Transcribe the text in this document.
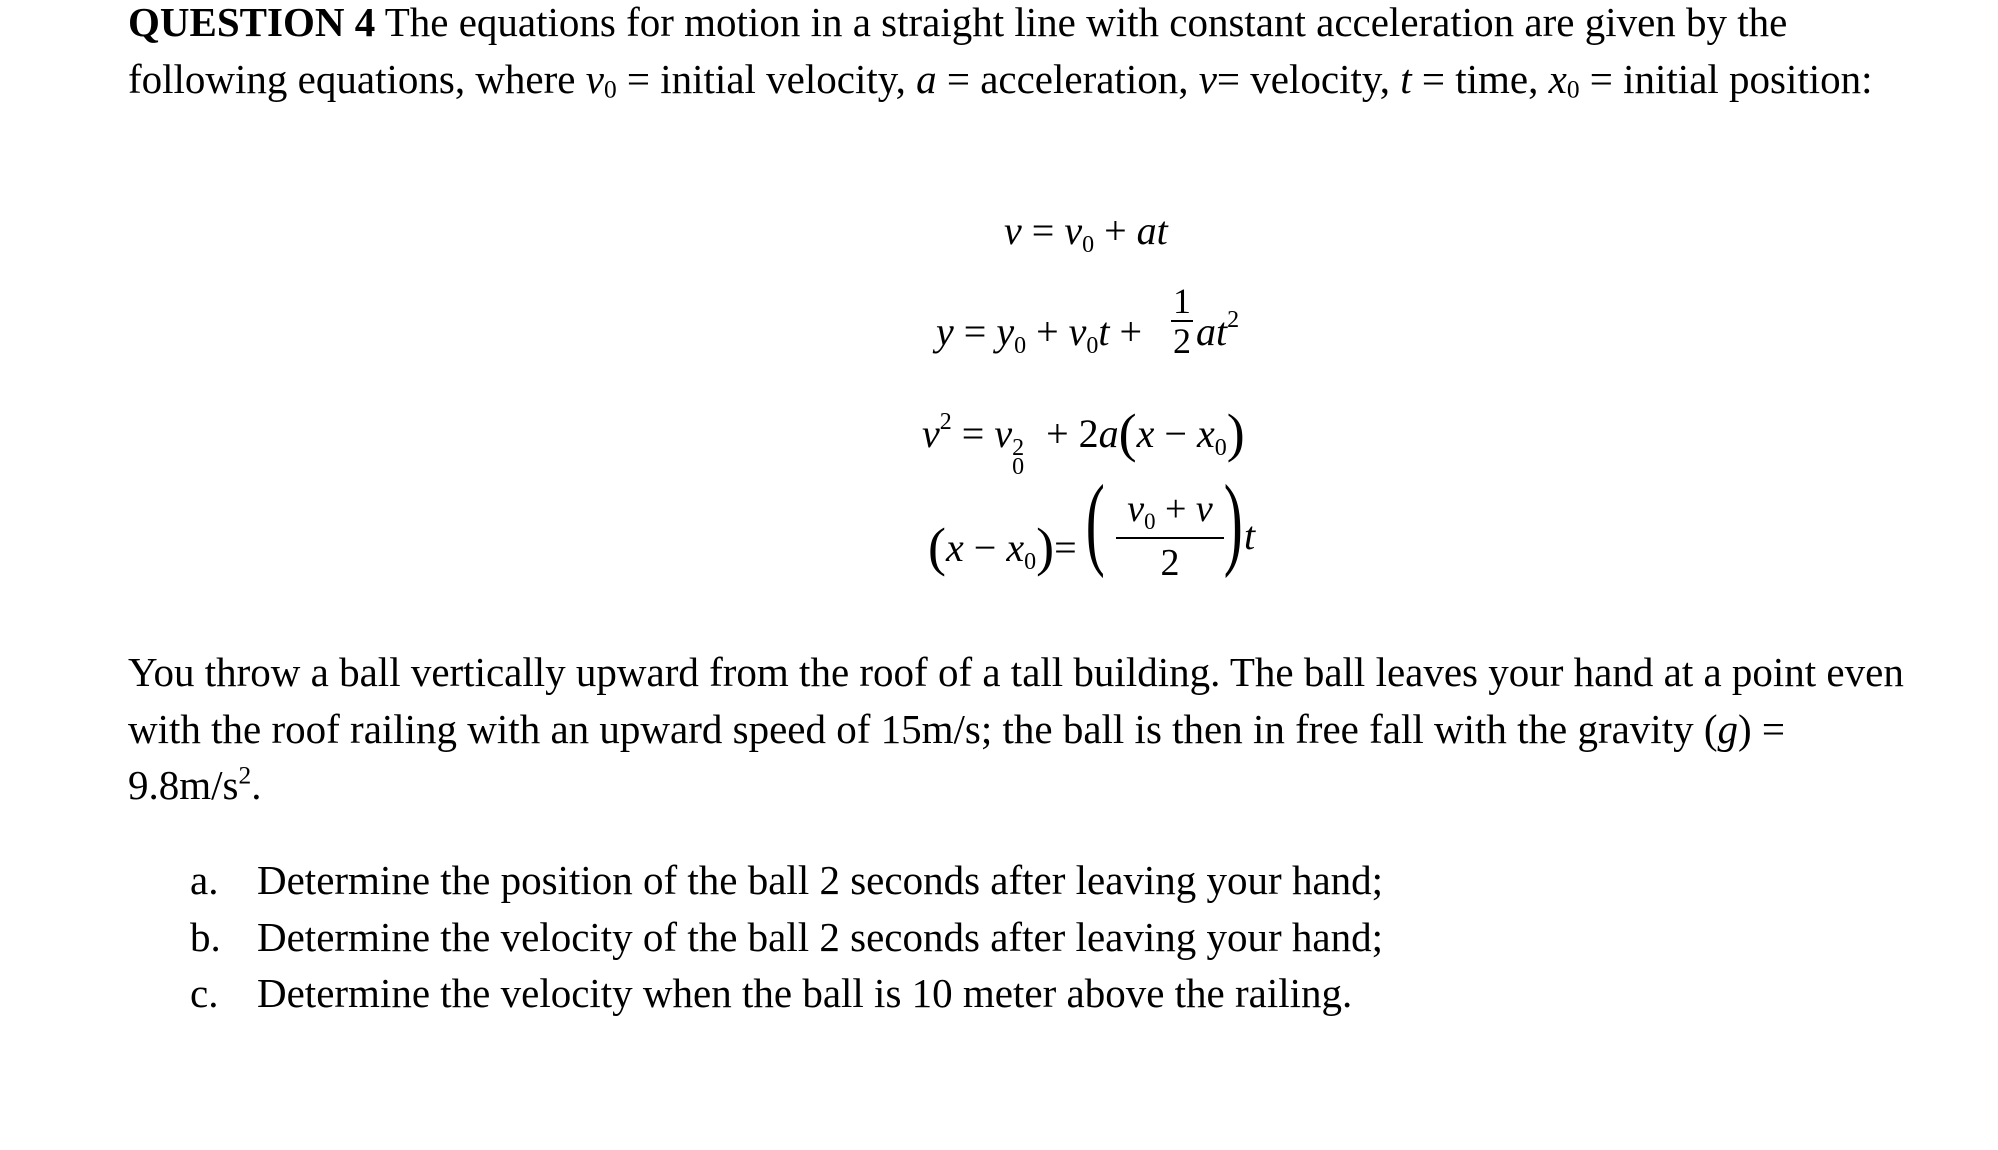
QUESTION 4 The equations for motion in a straight line with constant acceleration are given by the following equations, where $v_0$ = initial velocity, a = acceleration, v= velocity, t = time, $x_0$ = initial position:
$v = v_0$ + at
$y = y_0 + v_0t$ +
1
2 $at^2$
$v^2 = v$ 2
0
+ $2a(x - x_0)$
$(x - x_0)=$ ( $v_0 + v$
2 ) t
You throw a ball vertically upward from the roof of a tall building. The ball leaves your hand at a point even with the roof railing with an upward speed of 15m/s; the ball is then in free fall with the gravity $(g) = 9.8m/s^2$.
a. Determine the position of the ball 2 seconds after leaving your hand;
b. Determine the velocity of the ball 2 seconds after leaving your hand;
c. Determine the velocity when the ball is 10 meter above the railing.
